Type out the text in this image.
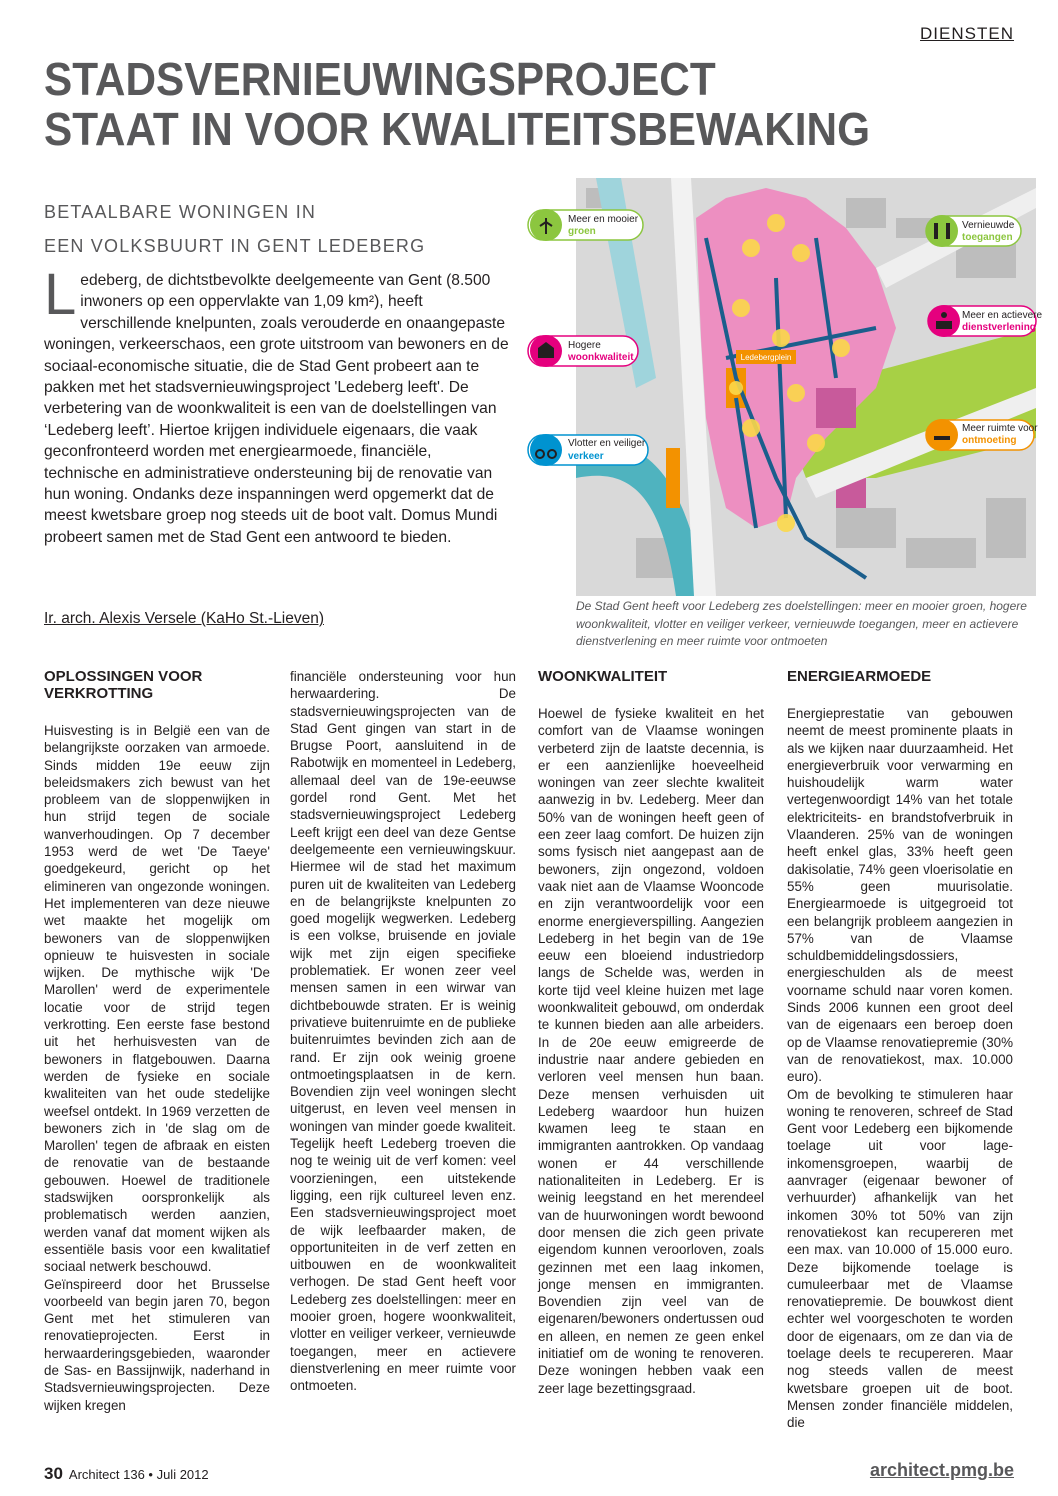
DIENSTEN
STADSVERNIEUWINGSPROJECT
STAAT IN VOOR KWALITEITSBEWAKING

BETAALBARE WONINGEN IN

EEN VOLKSBUURT IN GENT LEDEBERG

L edeberg, de dichtstbevolkte deelgemeente van Gent (8.500 inwoners op een oppervlakte van 1,09 km²), heeft verschillende knelpunten, zoals verouderde en onaangepaste woningen, verkeerschaos, een grote uitstroom van bewoners en de sociaal-economische situatie, die de Stad Gent probeert aan te pakken met het stadsvernieuwingsproject 'Ledeberg leeft'. De verbetering van de woonkwaliteit is een van de doelstellingen van ‘Ledeberg leeft’. Hiertoe krijgen individuele eigenaars, die vaak geconfronteerd worden met energiearmoede, financiële, technische en administratieve ondersteuning bij de renovatie van hun woning. Ondanks deze inspanningen werd opgemerkt dat de meest kwetsbare groep nog steeds uit de boot valt. Domus Mundi probeert samen met de Stad Gent een antwoord te bieden.

Ir. arch. Alexis Versele (KaHo St.-Lieven)
Ledebergplein
Meer en mooier
groen
Hogere
woonkwaliteit
Vlotter en veiliger
verkeer
Vernieuwde
toegangen
Meer en actievere
dienstverlening
Meer ruimte voor
ontmoeting
De Stad Gent heeft voor Ledeberg zes doelstellingen: meer en mooier groen, hogere woonkwaliteit, vlotter en veiliger verkeer, vernieuwde toegangen, meer en actievere dienstverlening en meer ruimte voor ontmoeten
OPLOSSINGEN VOOR VERKROTTING

Huisvesting is in België een van de belangrijkste oorzaken van armoede. Sinds midden 19e eeuw zijn beleidsmakers zich bewust van het probleem van de sloppenwijken in hun strijd tegen de sociale wanverhoudingen. Op 7 december 1953 werd de wet 'De Taeye' goedgekeurd, gericht op het elimineren van ongezonde woningen. Het implementeren van deze nieuwe wet maakte het mogelijk om bewoners van de sloppenwijken opnieuw te huisvesten in sociale wijken. De mythische wijk 'De Marollen' werd de experimentele locatie voor de strijd tegen verkrotting. Een eerste fase bestond uit het herhuisvesten van de bewoners in flatgebouwen. Daarna werden de fysieke en sociale kwaliteiten van het oude stedelijke weefsel ontdekt. In 1969 verzetten de bewoners zich in 'de slag om de Marollen' tegen de afbraak en eisten de renovatie van de bestaande gebouwen. Hoewel de traditionele stadswijken oorspronkelijk als problematisch werden aanzien, werden vanaf dat moment wijken als essentiële basis voor een kwalitatief sociaal netwerk beschouwd.

Geïnspireerd door het Brusselse voorbeeld van begin jaren 70, begon Gent met het stimuleren van renovatieprojecten. Eerst in herwaarderingsgebieden, waaronder de Sas- en Bassijnwijk, naderhand in Stadsvernieuwingsprojecten. Deze wijken kregen

financiële ondersteuning voor hun herwaardering. De stadsvernieuwingsprojecten van de Stad Gent gingen van start in de Brugse Poort, aansluitend in de Rabotwijk en momenteel in Ledeberg, allemaal deel van de 19e-eeuwse gordel rond Gent. Met het stadsvernieuwingsproject Ledeberg Leeft krijgt een deel van deze Gentse deelgemeente een vernieuwingskuur. Hiermee wil de stad het maximum puren uit de kwaliteiten van Ledeberg en de belangrijkste knelpunten zo goed mogelijk wegwerken. Ledeberg is een volkse, bruisende en joviale wijk met zijn eigen specifieke problematiek. Er wonen zeer veel mensen samen in een wirwar van dichtbebouwde straten. Er is weinig privatieve buitenruimte en de publieke buitenruimtes bevinden zich aan de rand. Er zijn ook weinig groene ontmoetingsplaatsen in de kern. Bovendien zijn veel woningen slecht uitgerust, en leven veel mensen in woningen van minder goede kwaliteit. Tegelijk heeft Ledeberg troeven die nog te weinig uit de verf komen: veel voorzieningen, een uitstekende ligging, een rijk cultureel leven enz. Een stadsvernieuwingsproject moet de wijk leefbaarder maken, de opportuniteiten in de verf zetten en uitbouwen en de woonkwaliteit verhogen. De stad Gent heeft voor Ledeberg zes doelstellingen: meer en mooier groen, hogere woonkwaliteit, vlotter en veiliger verkeer, vernieuwde toegangen, meer en actievere dienstverlening en meer ruimte voor ontmoeten.

WOONKWALITEIT

Hoewel de fysieke kwaliteit en het comfort van de Vlaamse woningen verbeterd zijn de laatste decennia, is er een aanzienlijke hoeveelheid woningen van zeer slechte kwaliteit aanwezig in bv. Ledeberg. Meer dan 50% van de woningen heeft geen of een zeer laag comfort. De huizen zijn soms fysisch niet aangepast aan de bewoners, zijn ongezond, voldoen vaak niet aan de Vlaamse Wooncode en zijn verantwoordelijk voor een enorme energieverspilling. Aangezien Ledeberg in het begin van de 19e eeuw een bloeiend industriedorp langs de Schelde was, werden in korte tijd veel kleine huizen met lage woonkwaliteit gebouwd, om onderdak te kunnen bieden aan alle arbeiders. In de 20e eeuw emigreerde de industrie naar andere gebieden en verloren veel mensen hun baan. Deze mensen verhuisden uit Ledeberg waardoor hun huizen kwamen leeg te staan en immigranten aantrokken. Op vandaag wonen er 44 verschillende nationaliteiten in Ledeberg. Er is weinig leegstand en het merendeel van de huurwoningen wordt bewoond door mensen die zich geen private eigendom kunnen veroorloven, zoals gezinnen met een laag inkomen, jonge mensen en immigranten. Bovendien zijn veel van de eigenaren/bewoners ondertussen oud en alleen, en nemen ze geen enkel initiatief om de woning te renoveren. Deze woningen hebben vaak een zeer lage bezettingsgraad.

ENERGIEARMOEDE

Energieprestatie van gebouwen neemt de meest prominente plaats in als we kijken naar duurzaamheid. Het energieverbruik voor verwarming en huishoudelijk warm water vertegenwoordigt 14% van het totale elektriciteits- en brandstofverbruik in Vlaanderen. 25% van de woningen heeft enkel glas, 33% heeft geen dakisolatie, 74% geen vloerisolatie en 55% geen muurisolatie. Energiearmoede is uitgegroeid tot een belangrijk probleem aangezien in 57% van de Vlaamse schuldbemiddelingsdossiers, energieschulden als de meest voorname schuld naar voren komen. Sinds 2006 kunnen een groot deel van de eigenaars een beroep doen op de Vlaamse renovatiepremie (30% van de renovatiekost, max. 10.000 euro).

Om de bevolking te stimuleren haar woning te renoveren, schreef de Stad Gent voor Ledeberg een bijkomende toelage uit voor lage-inkomensgroepen, waarbij de aanvrager (eigenaar bewoner of verhuurder) afhankelijk van het inkomen 30% tot 50% van zijn renovatiekost kan recupereren met een max. van 10.000 of 15.000 euro. Deze bijkomende toelage is cumuleerbaar met de Vlaamse renovatiepremie. De bouwkost dient echter wel voorgeschoten te worden door de eigenaars, om ze dan via de toelage deels te recupereren. Maar nog steeds vallen de meest kwetsbare groepen uit de boot. Mensen zonder financiële middelen, die

30 Architect 136 • Juli 2012	architect.pmg.be
